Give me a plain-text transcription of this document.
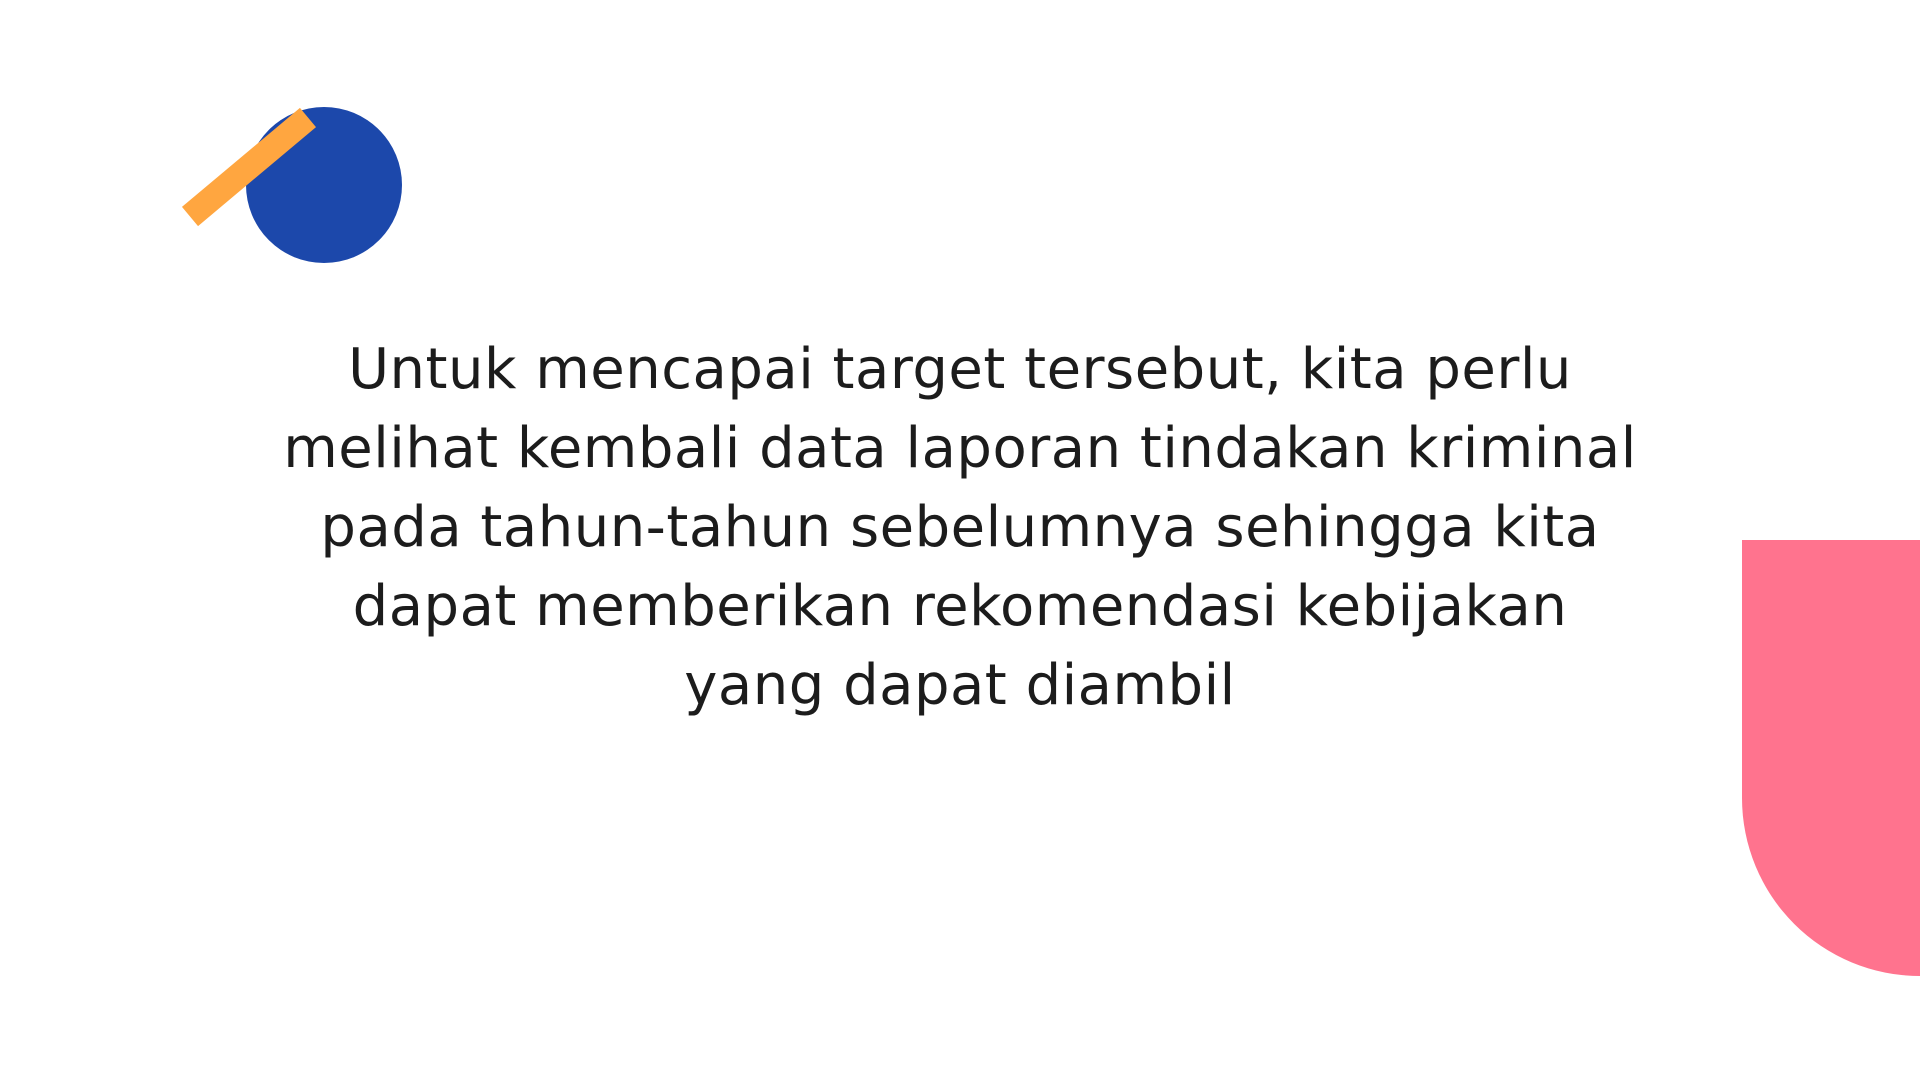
Untuk mencapai target tersebut, kita perlu
melihat kembali data laporan tindakan kriminal
pada tahun-tahun sebelumnya sehingga kita
dapat memberikan rekomendasi kebijakan
yang dapat diambil
